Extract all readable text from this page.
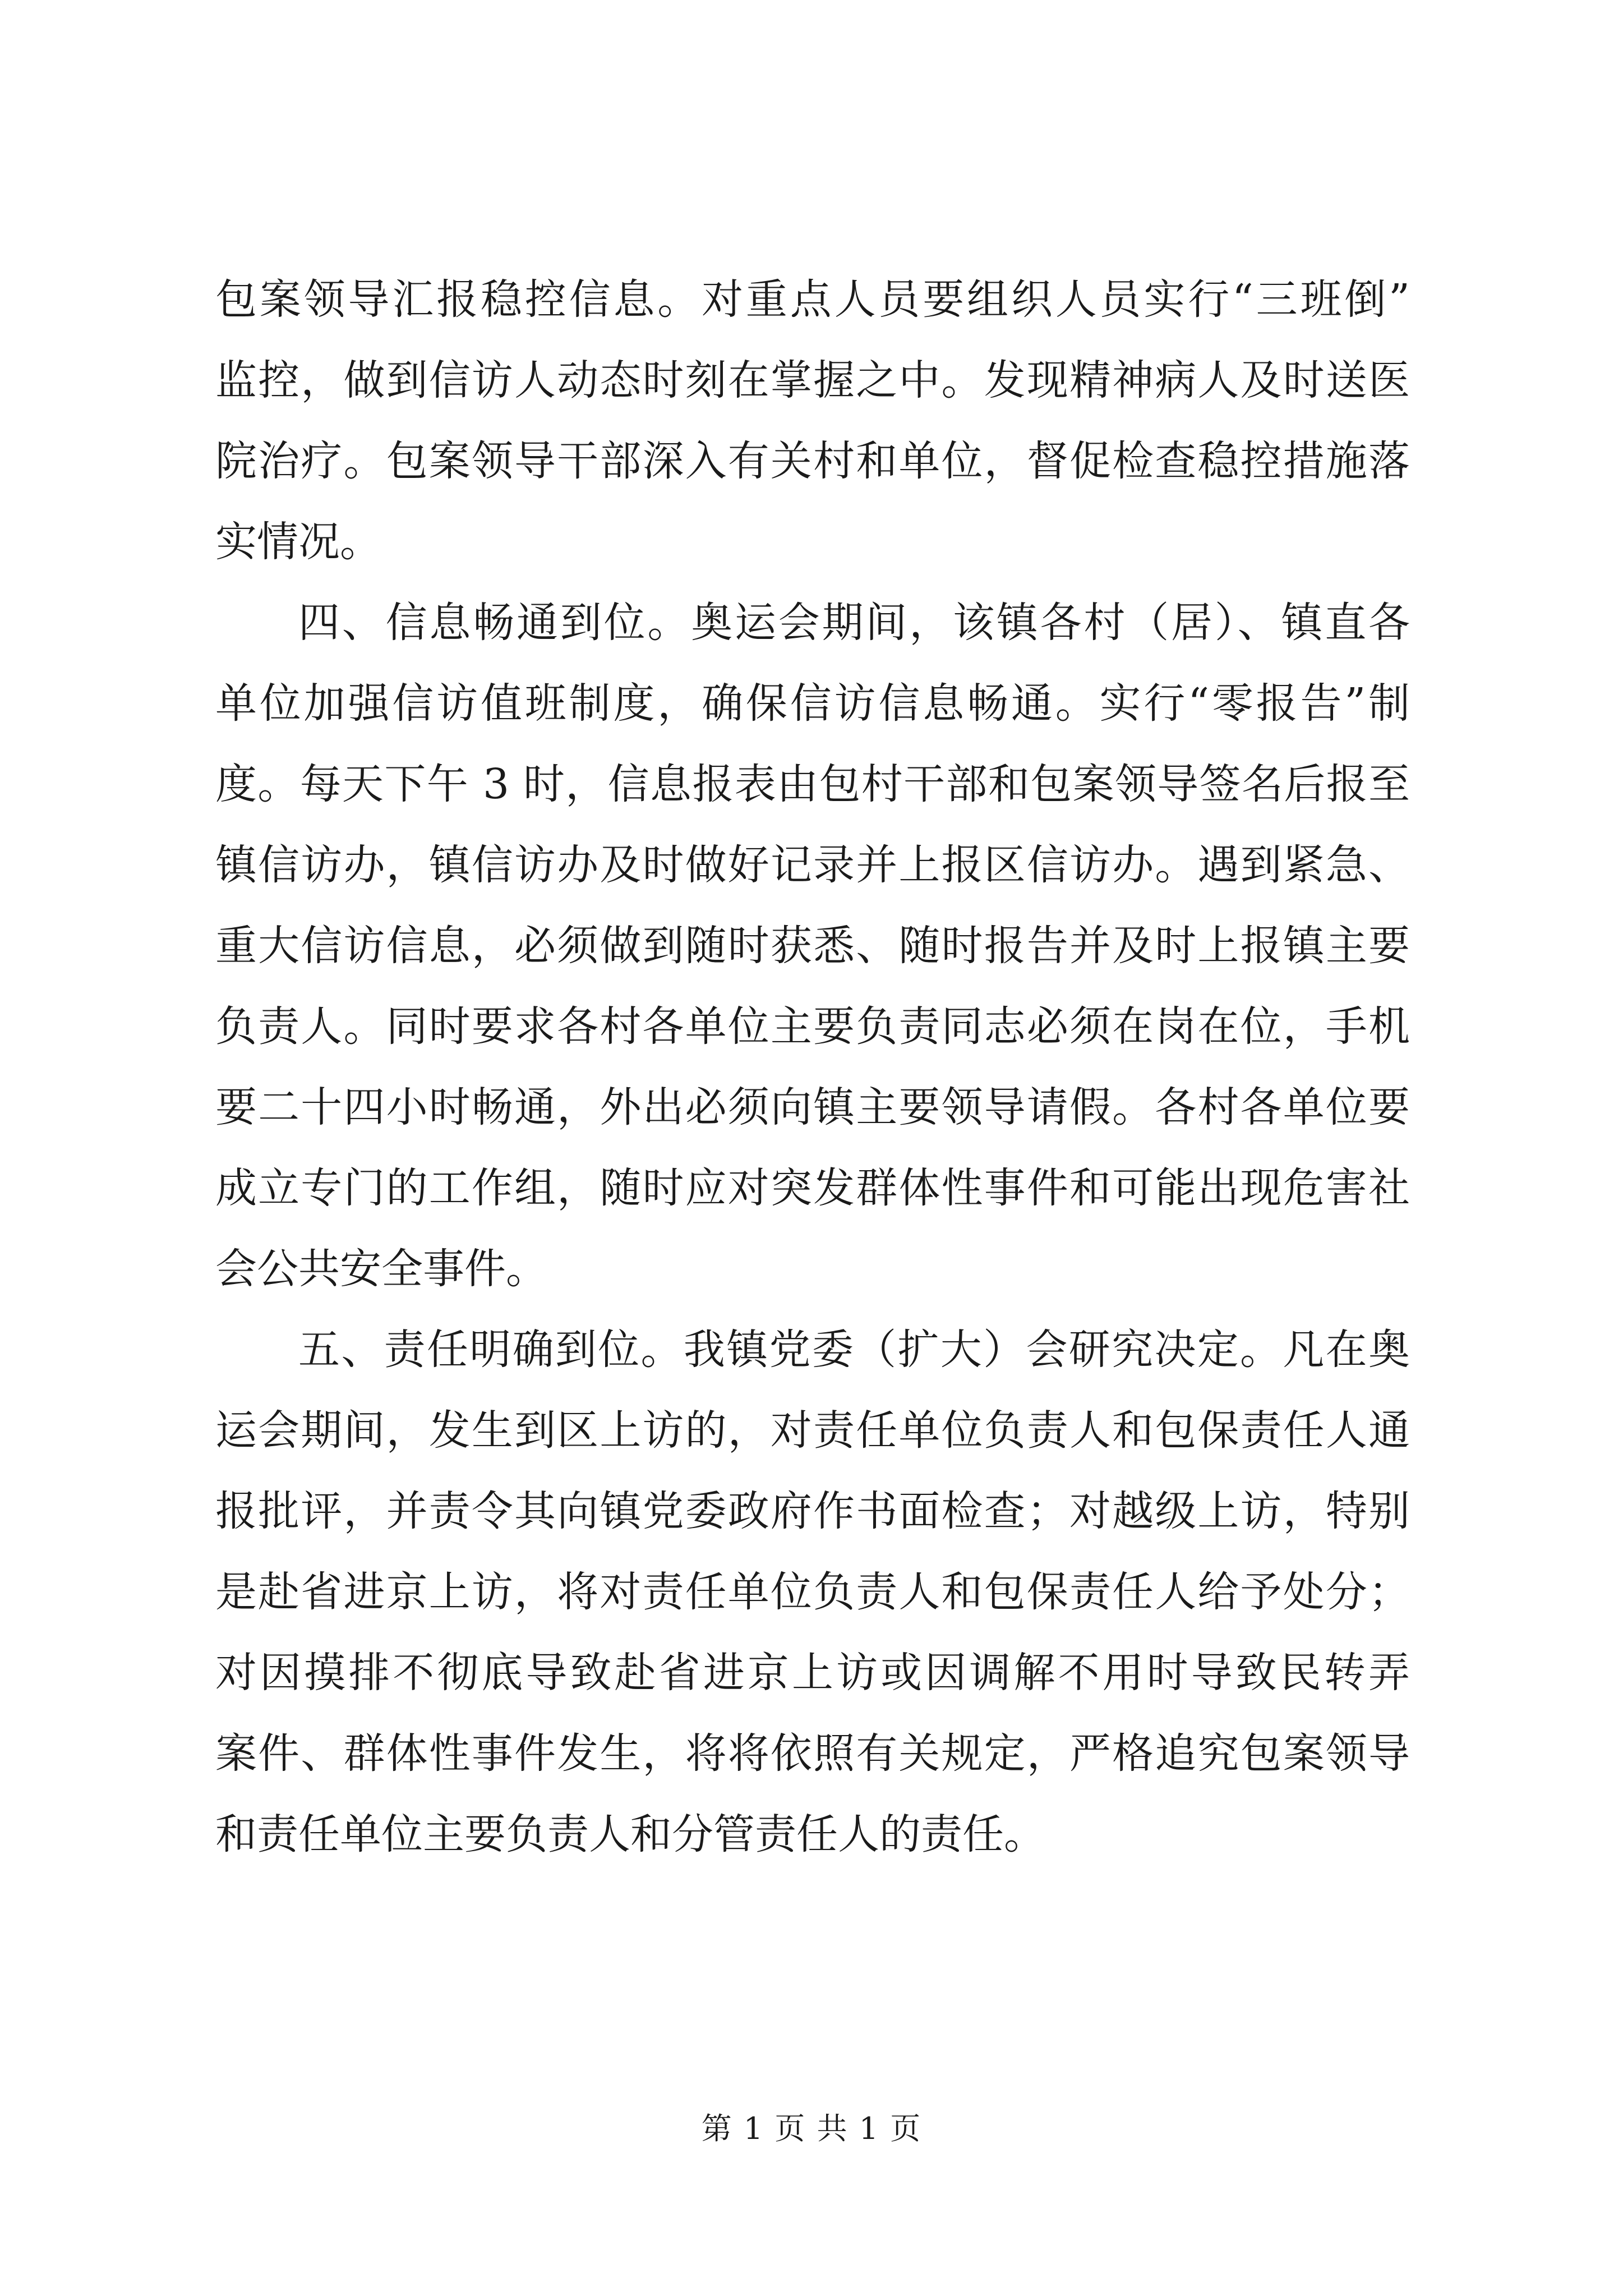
包案领导汇报稳控信息。对重点人员要组织人员实行“三班倒”
监控，做到信访人动态时刻在掌握之中。发现精神病人及时送医
院治疗。包案领导干部深入有关村和单位，督促检查稳控措施落
实情况。
四、信息畅通到位。奥运会期间，该镇各村（居）、镇直各
单位加强信访值班制度，确保信访信息畅通。实行“零报告”制
度。每天下午 3 时，信息报表由包村干部和包案领导签名后报至
镇信访办，镇信访办及时做好记录并上报区信访办。遇到紧急、
重大信访信息，必须做到随时获悉、随时报告并及时上报镇主要
负责人。同时要求各村各单位主要负责同志必须在岗在位，手机
要二十四小时畅通，外出必须向镇主要领导请假。各村各单位要
成立专门的工作组，随时应对突发群体性事件和可能出现危害社
会公共安全事件。
五、责任明确到位。我镇党委（扩大）会研究决定。凡在奥
运会期间，发生到区上访的，对责任单位负责人和包保责任人通
报批评，并责令其向镇党委政府作书面检查；对越级上访，特别
是赴省进京上访，将对责任单位负责人和包保责任人给予处分；
对因摸排不彻底导致赴省进京上访或因调解不用时导致民转弄
案件、群体性事件发生，将将依照有关规定，严格追究包案领导
和责任单位主要负责人和分管责任人的责任。
第 1 页 共 1 页
